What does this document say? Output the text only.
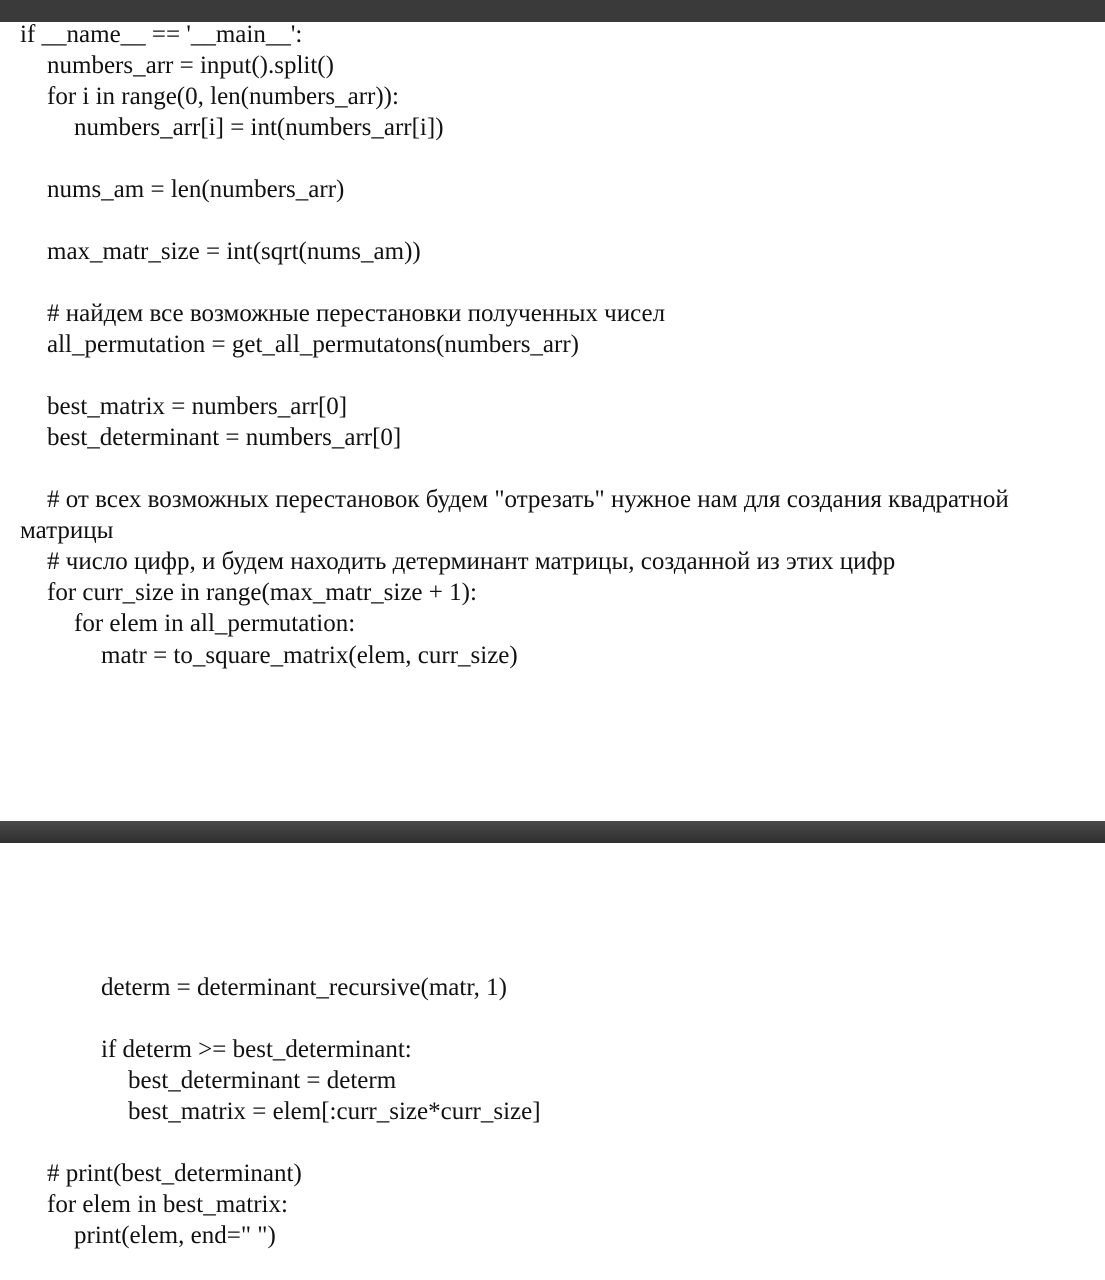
if __name__ == '__main__':
numbers_arr = input().split()
for i in range(0, len(numbers_arr)):
numbers_arr[i] = int(numbers_arr[i])
nums_am = len(numbers_arr)
max_matr_size = int(sqrt(nums_am))
# найдем все возможные перестановки полученных чисел
all_permutation = get_all_permutatons(numbers_arr)
best_matrix = numbers_arr[0]
best_determinant = numbers_arr[0]
# от всех возможных перестановок будем "отрезать" нужное нам для создания квадратной
матрицы
# число цифр, и будем находить детерминант матрицы, созданной из этих цифр
for curr_size in range(max_matr_size + 1):
for elem in all_permutation:
matr = to_square_matrix(elem, curr_size)
determ = determinant_recursive(matr, 1)
if determ >= best_determinant:
best_determinant = determ
best_matrix = elem[:curr_size*curr_size]
# print(best_determinant)
for elem in best_matrix:
print(elem, end=" ")
